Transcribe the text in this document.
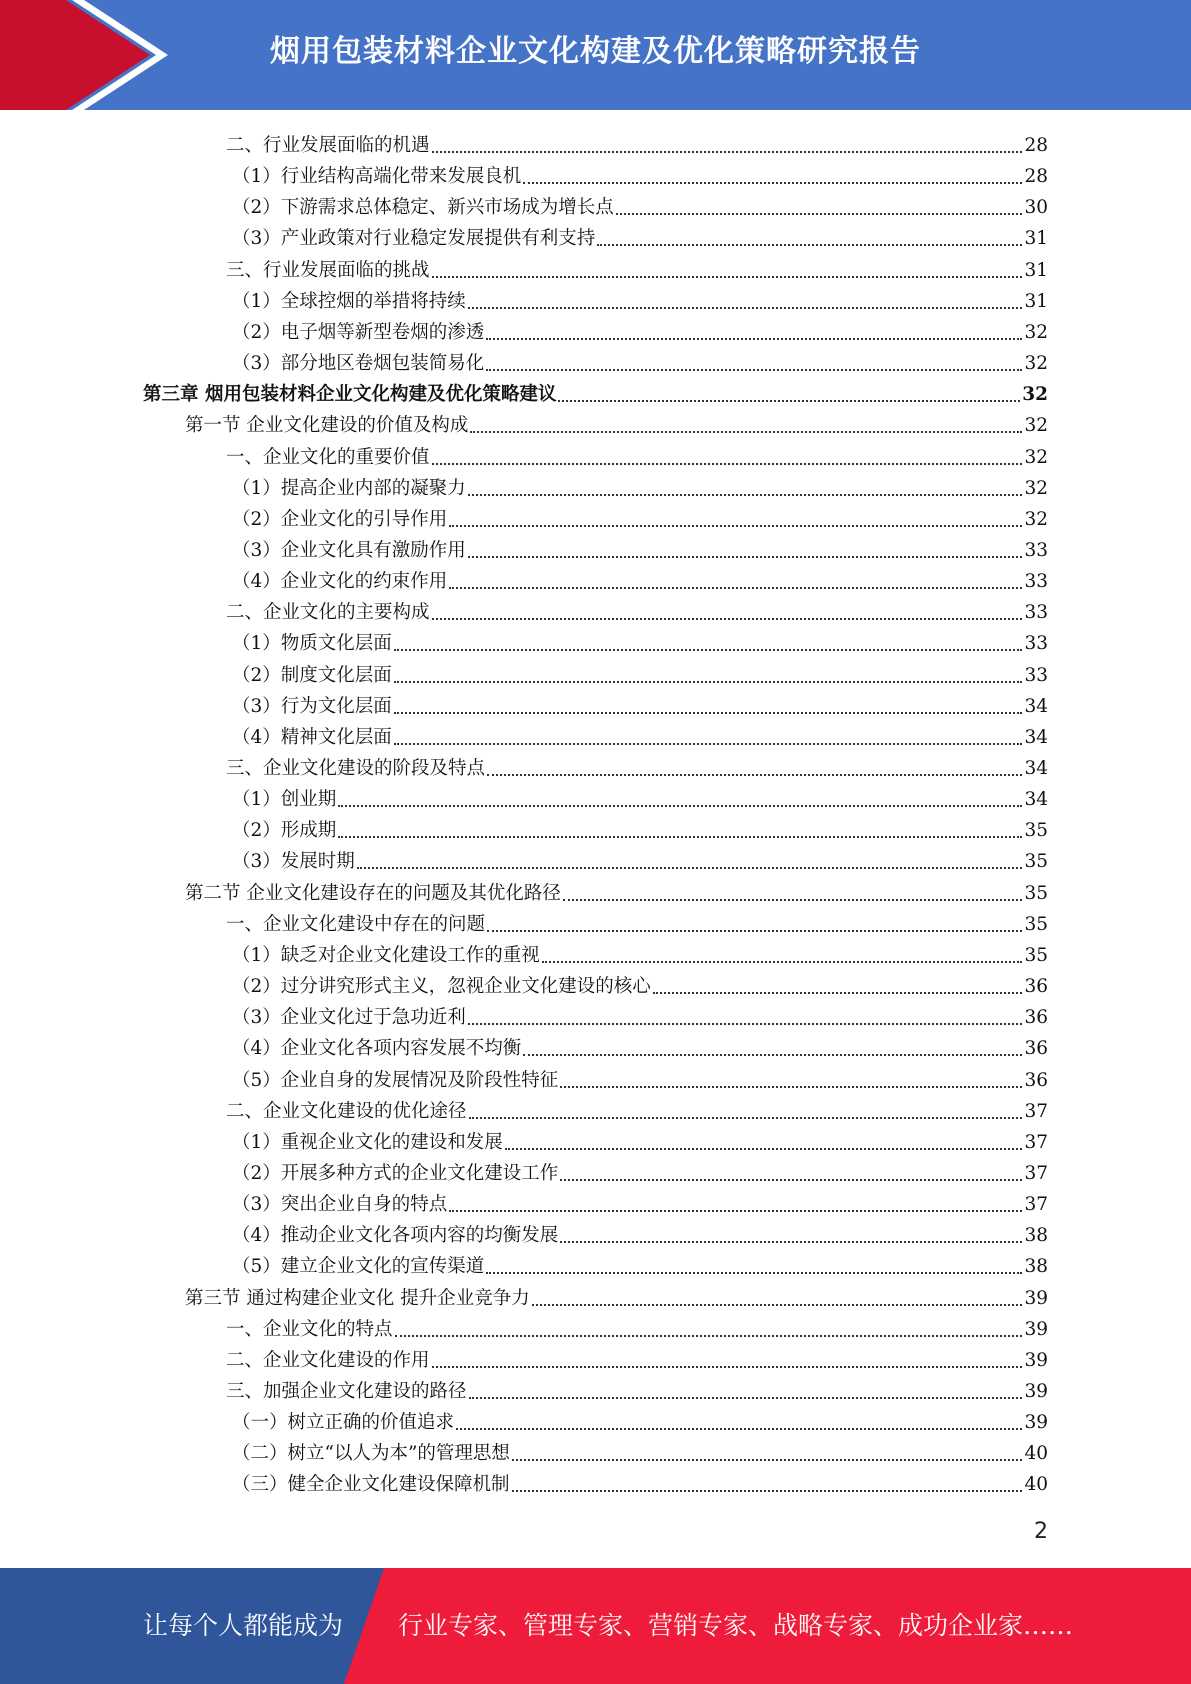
烟用包装材料企业文化构建及优化策略研究报告
二、行业发展面临的机遇	28
（1）行业结构高端化带来发展良机	28
（2）下游需求总体稳定、新兴市场成为增长点	30
（3）产业政策对行业稳定发展提供有利支持	31
三、行业发展面临的挑战	31
（1）全球控烟的举措将持续	31
（2）电子烟等新型卷烟的渗透	32
（3）部分地区卷烟包装简易化	32
第三章 烟用包装材料企业文化构建及优化策略建议	32
第一节 企业文化建设的价值及构成	32
一、企业文化的重要价值	32
（1）提高企业内部的凝聚力	32
（2）企业文化的引导作用	32
（3）企业文化具有激励作用	33
（4）企业文化的约束作用	33
二、企业文化的主要构成	33
（1）物质文化层面	33
（2）制度文化层面	33
（3）行为文化层面	34
（4）精神文化层面	34
三、企业文化建设的阶段及特点	34
（1）创业期	34
（2）形成期	35
（3）发展时期	35
第二节 企业文化建设存在的问题及其优化路径	35
一、企业文化建设中存在的问题	35
（1）缺乏对企业文化建设工作的重视	35
（2）过分讲究形式主义，忽视企业文化建设的核心	36
（3）企业文化过于急功近利	36
（4）企业文化各项内容发展不均衡	36
（5）企业自身的发展情况及阶段性特征	36
二、企业文化建设的优化途径	37
（1）重视企业文化的建设和发展	37
（2）开展多种方式的企业文化建设工作	37
（3）突出企业自身的特点	37
（4）推动企业文化各项内容的均衡发展	38
（5）建立企业文化的宣传渠道	38
第三节 通过构建企业文化 提升企业竞争力	39
一、企业文化的特点	39
二、企业文化建设的作用	39
三、加强企业文化建设的路径	39
（一）树立正确的价值追求	39
（二）树立“以人为本”的管理思想	40
（三）健全企业文化建设保障机制	40
2
让每个人都能成为 行业专家、管理专家、营销专家、战略专家、成功企业家……
